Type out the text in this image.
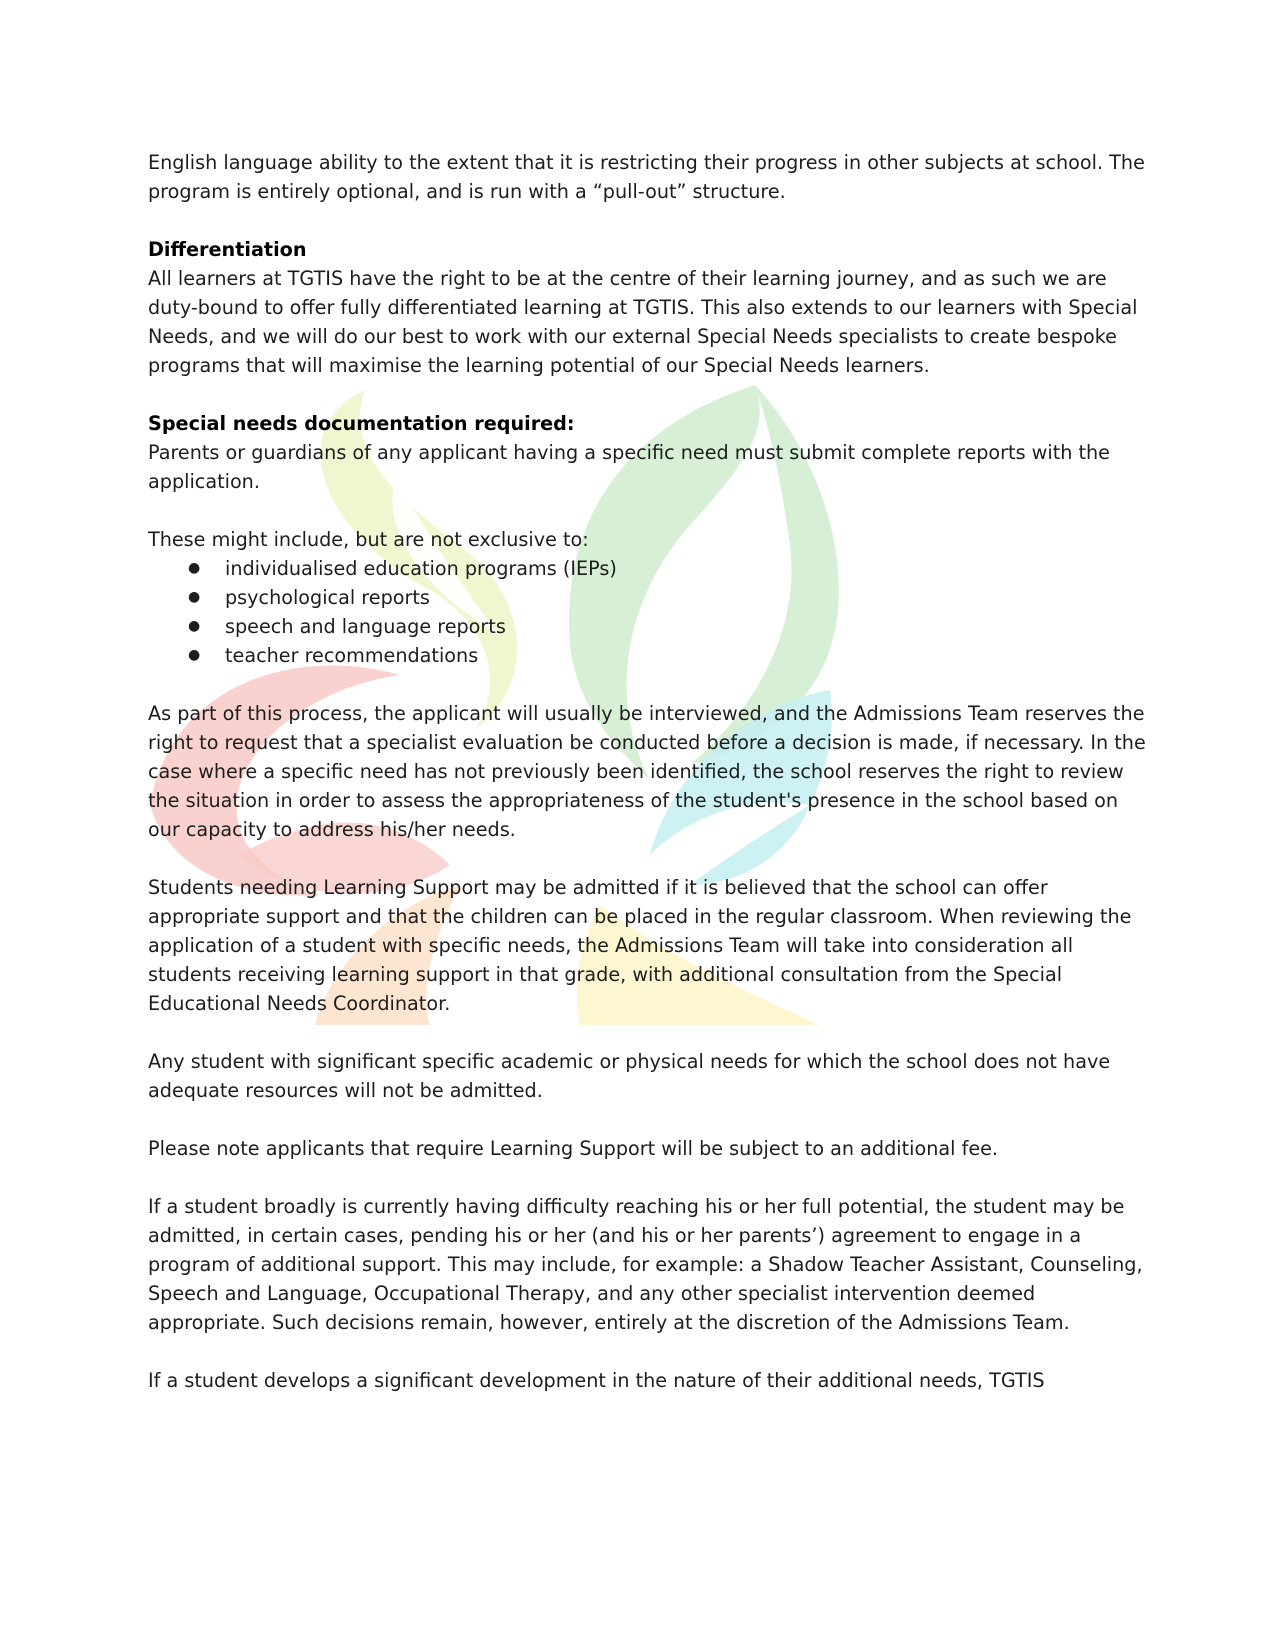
English language ability to the extent that it is restricting their progress in other subjects at school. The program is entirely optional, and is run with a “pull-out” structure.

Differentiation

All learners at TGTIS have the right to be at the centre of their learning journey, and as such we are duty-bound to offer fully differentiated learning at TGTIS. This also extends to our learners with Special Needs, and we will do our best to work with our external Special Needs specialists to create bespoke programs that will maximise the learning potential of our Special Needs learners.

Special needs documentation required:

Parents or guardians of any applicant having a specific need must submit complete reports with the application.

These might include, but are not exclusive to:

● individualised education programs (IEPs)
● psychological reports
● speech and language reports
● teacher recommendations

As part of this process, the applicant will usually be interviewed, and the Admissions Team reserves the right to request that a specialist evaluation be conducted before a decision is made, if necessary. In the case where a specific need has not previously been identified, the school reserves the right to review the situation in order to assess the appropriateness of the student's presence in the school based on our capacity to address his/her needs.

Students needing Learning Support may be admitted if it is believed that the school can offer appropriate support and that the children can be placed in the regular classroom. When reviewing the application of a student with specific needs, the Admissions Team will take into consideration all students receiving learning support in that grade, with additional consultation from the Special Educational Needs Coordinator.

Any student with significant specific academic or physical needs for which the school does not have adequate resources will not be admitted.

Please note applicants that require Learning Support will be subject to an additional fee.

If a student broadly is currently having difficulty reaching his or her full potential, the student may be admitted, in certain cases, pending his or her (and his or her parents’) agreement to engage in a program of additional support. This may include, for example: a Shadow Teacher Assistant, Counseling, Speech and Language, Occupational Therapy, and any other specialist intervention deemed appropriate. Such decisions remain, however, entirely at the discretion of the Admissions Team.

If a student develops a significant development in the nature of their additional needs, TGTIS
